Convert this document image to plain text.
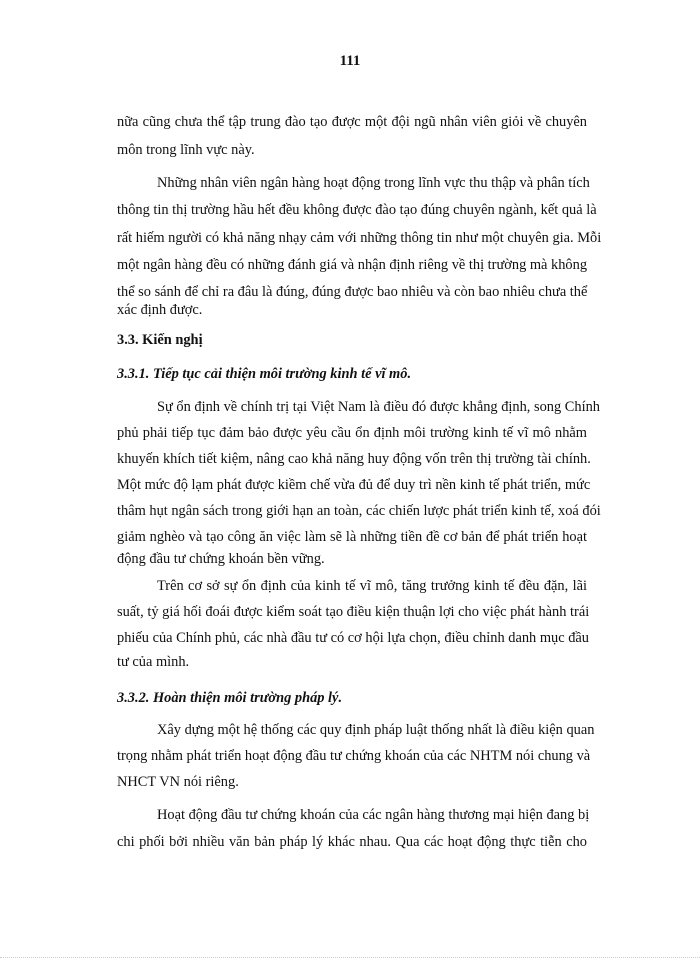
111
nữa cũng chưa thể tập trung đào tạo được một đội ngũ nhân viên giỏi về chuyên
môn trong lĩnh vực này.
Những nhân viên ngân hàng hoạt động trong lĩnh vực thu thập và phân tích
thông tin thị trường hầu hết đều không được đào tạo đúng chuyên ngành, kết quả là
rất hiếm người có khả năng nhạy cảm với những thông tin như một chuyên gia. Mỗi
một ngân hàng đều có những đánh giá và nhận định riêng về thị trường mà không
thể so sánh để chỉ ra đâu là đúng, đúng được bao nhiêu và còn bao nhiêu chưa thể
xác định được.
3.3. Kiến nghị
3.3.1. Tiếp tục cải thiện môi trường kinh tế vĩ mô.
Sự ổn định về chính trị tại Việt Nam là điều đó được khẳng định, song Chính
phủ phải tiếp tục đảm bảo được yêu cầu ổn định môi trường kinh tế vĩ mô nhằm
khuyến khích tiết kiệm, nâng cao khả năng huy động vốn trên thị trường tài chính.
Một mức độ lạm phát được kiềm chế vừa đủ để duy trì nền kinh tế phát triển, mức
thâm hụt ngân sách trong giới hạn an toàn, các chiến lược phát triển kinh tế, xoá đói
giảm nghèo và tạo công ăn việc làm sẽ là những tiền đề cơ bản để phát triển hoạt
động đầu tư chứng khoán bền vững.
Trên cơ sở sự ổn định của kinh tế vĩ mô, tăng trưởng kinh tế đều đặn, lãi
suất, tỷ giá hối đoái được kiểm soát tạo điều kiện thuận lợi cho việc phát hành trái
phiếu của Chính phủ, các nhà đầu tư có cơ hội lựa chọn, điều chỉnh danh mục đầu
tư của mình.
3.3.2. Hoàn thiện môi trường pháp lý.
Xây dựng một hệ thống các quy định pháp luật thống nhất là điều kiện quan
trọng nhằm phát triển hoạt động đầu tư chứng khoán của các NHTM nói chung và
NHCT VN nói riêng.
Hoạt động đầu tư chứng khoán của các ngân hàng thương mại hiện đang bị
chi phối bởi nhiều văn bản pháp lý khác nhau. Qua các hoạt động thực tiễn cho
